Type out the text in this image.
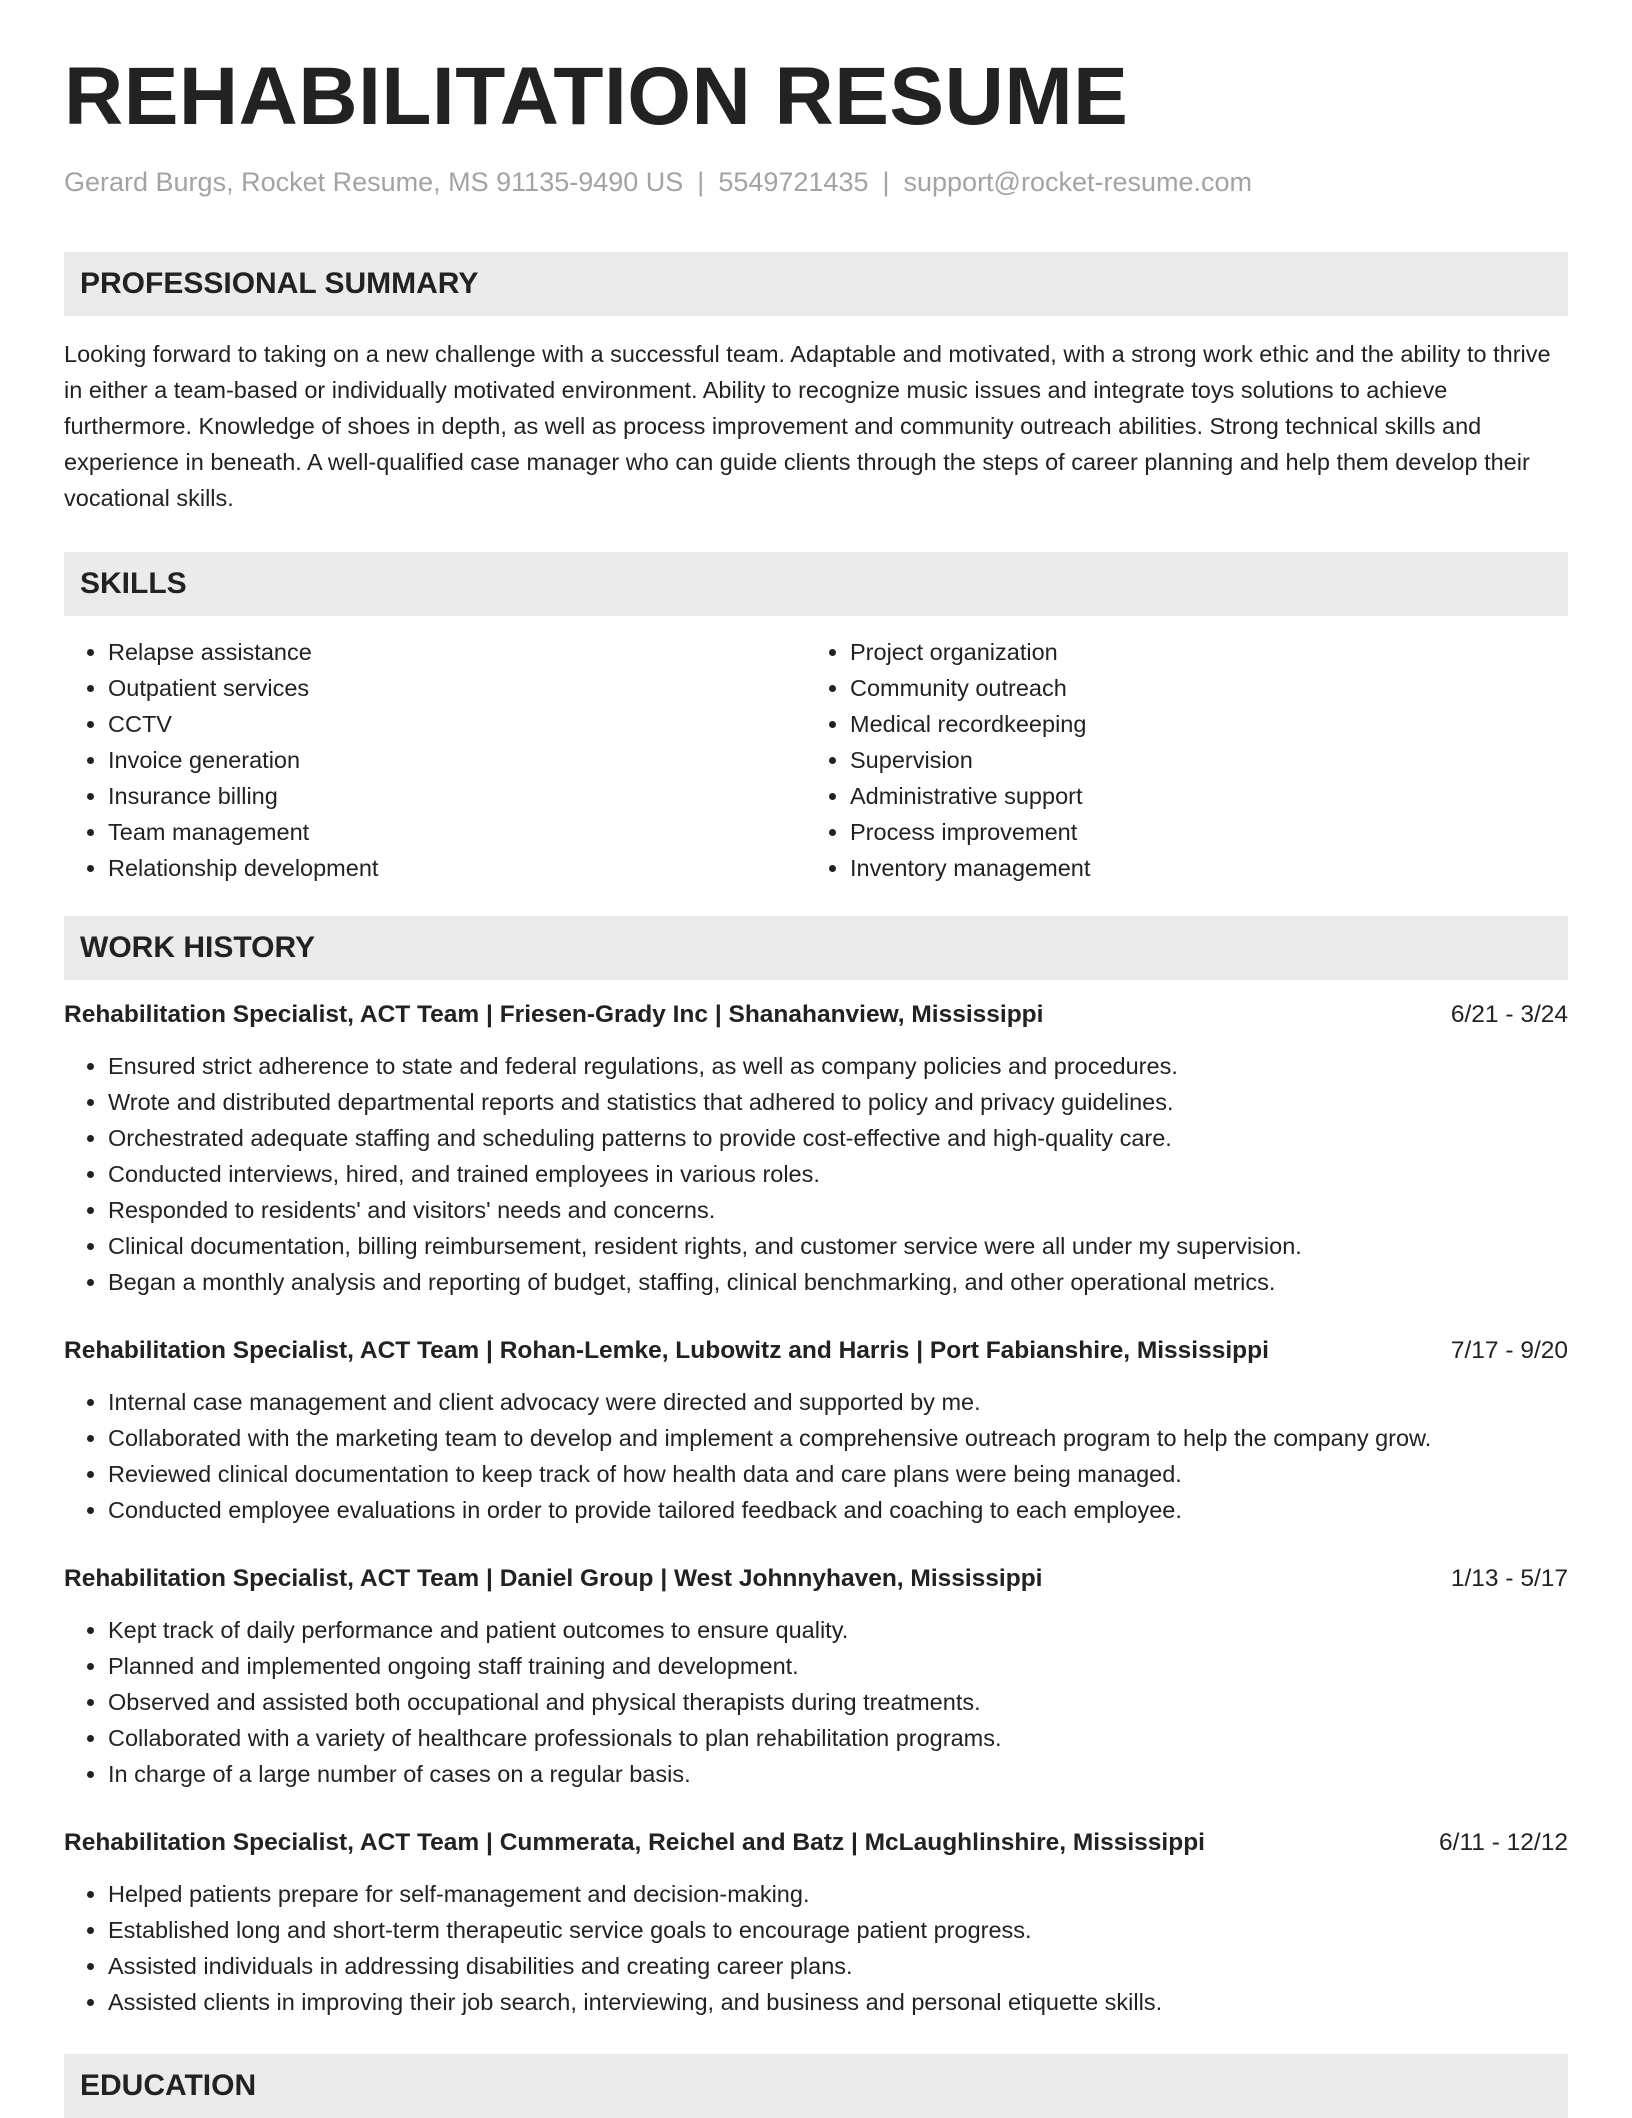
REHABILITATION RESUME
Gerard Burgs, Rocket Resume, MS 91135-9490 US | 5549721435 | support@rocket-resume.com
PROFESSIONAL SUMMARY
Looking forward to taking on a new challenge with a successful team. Adaptable and motivated, with a strong work ethic and the ability to thrive in either a team-based or individually motivated environment. Ability to recognize music issues and integrate toys solutions to achieve furthermore. Knowledge of shoes in depth, as well as process improvement and community outreach abilities. Strong technical skills and experience in beneath. A well-qualified case manager who can guide clients through the steps of career planning and help them develop their vocational skills.
SKILLS
• Relapse assistance
• Outpatient services
• CCTV
• Invoice generation
• Insurance billing
• Team management
• Relationship development
• Project organization
• Community outreach
• Medical recordkeeping
• Supervision
• Administrative support
• Process improvement
• Inventory management
WORK HISTORY
Rehabilitation Specialist, ACT Team | Friesen-Grady Inc | Shanahanview, Mississippi	6/21 - 3/24
• Ensured strict adherence to state and federal regulations, as well as company policies and procedures.
• Wrote and distributed departmental reports and statistics that adhered to policy and privacy guidelines.
• Orchestrated adequate staffing and scheduling patterns to provide cost-effective and high-quality care.
• Conducted interviews, hired, and trained employees in various roles.
• Responded to residents' and visitors' needs and concerns.
• Clinical documentation, billing reimbursement, resident rights, and customer service were all under my supervision.
• Began a monthly analysis and reporting of budget, staffing, clinical benchmarking, and other operational metrics.
Rehabilitation Specialist, ACT Team | Rohan-Lemke, Lubowitz and Harris | Port Fabianshire, Mississippi	7/17 - 9/20
• Internal case management and client advocacy were directed and supported by me.
• Collaborated with the marketing team to develop and implement a comprehensive outreach program to help the company grow.
• Reviewed clinical documentation to keep track of how health data and care plans were being managed.
• Conducted employee evaluations in order to provide tailored feedback and coaching to each employee.
Rehabilitation Specialist, ACT Team | Daniel Group | West Johnnyhaven, Mississippi	1/13 - 5/17
• Kept track of daily performance and patient outcomes to ensure quality.
• Planned and implemented ongoing staff training and development.
• Observed and assisted both occupational and physical therapists during treatments.
• Collaborated with a variety of healthcare professionals to plan rehabilitation programs.
• In charge of a large number of cases on a regular basis.
Rehabilitation Specialist, ACT Team | Cummerata, Reichel and Batz | McLaughlinshire, Mississippi	6/11 - 12/12
• Helped patients prepare for self-management and decision-making.
• Established long and short-term therapeutic service goals to encourage patient progress.
• Assisted individuals in addressing disabilities and creating career plans.
• Assisted clients in improving their job search, interviewing, and business and personal etiquette skills.
EDUCATION
